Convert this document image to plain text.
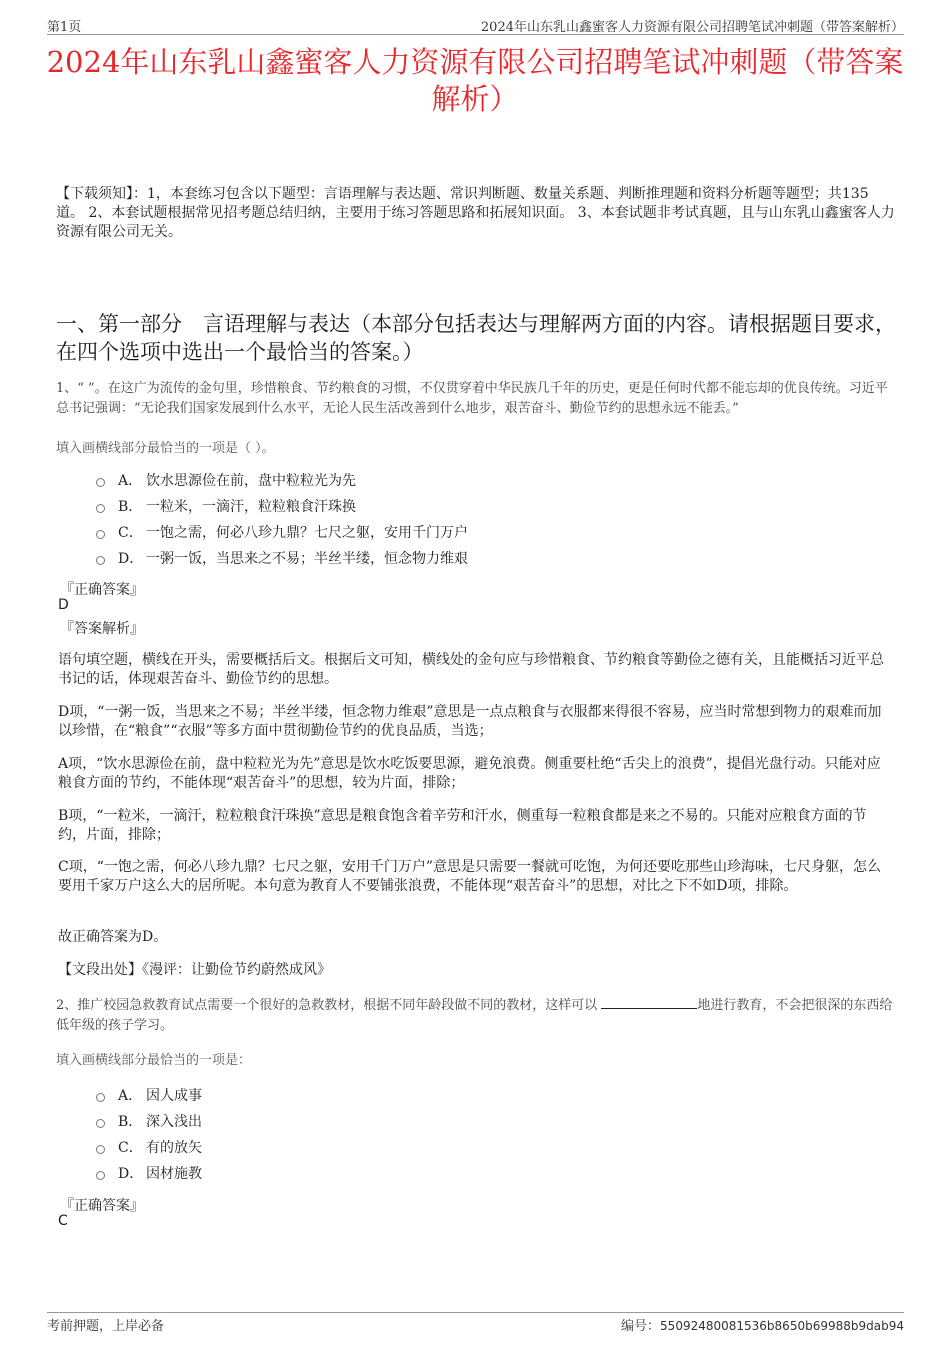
第1页	2024年山东乳山鑫蜜客人力资源有限公司招聘笔试冲刺题（带答案解析）
2024年山东乳山鑫蜜客人力资源有限公司招聘笔试冲刺题（带答案解析）

【下载须知】：1，本套练习包含以下题型：言语理解与表达题、常识判断题、数量关系题、判断推理题和资料分析题等题型；共135道。 2、本套试题根据常见招考题总结归纳，主要用于练习答题思路和拓展知识面。 3、本套试题非考试真题，且与山东乳山鑫蜜客人力资源有限公司无关。

一、第一部分　言语理解与表达（本部分包括表达与理解两方面的内容。请根据题目要求，在四个选项中选出一个最恰当的答案。）

1、“ ”。在这广为流传的金句里，珍惜粮食、节约粮食的习惯，不仅贯穿着中华民族几千年的历史，更是任何时代都不能忘却的优良传统。习近平总书记强调：“无论我们国家发展到什么水平，无论人民生活改善到什么地步，艰苦奋斗、勤俭节约的思想永远不能丢。”

填入画横线部分最恰当的一项是（ ）。

A． 饮水思源俭在前，盘中粒粒光为先
B． 一粒米，一滴汗，粒粒粮食汗珠换
C． 一饱之需，何必八珍九鼎？七尺之躯，安用千门万户
D． 一粥一饭，当思来之不易；半丝半缕，恒念物力维艰

『正确答案』

D

『答案解析』

语句填空题，横线在开头，需要概括后文。根据后文可知，横线处的金句应与珍惜粮食、节约粮食等勤俭之德有关，且能概括习近平总书记的话，体现艰苦奋斗、勤俭节约的思想。

D项，“一粥一饭，当思来之不易；半丝半缕，恒念物力维艰”意思是一点点粮食与衣服都来得很不容易，应当时常想到物力的艰难而加以珍惜，在“粮食”“衣服”等多方面中贯彻勤俭节约的优良品质，当选；

A项，“饮水思源俭在前，盘中粒粒光为先”意思是饮水吃饭要思源，避免浪费。侧重要杜绝“舌尖上的浪费”，提倡光盘行动。只能对应粮食方面的节约，不能体现“艰苦奋斗”的思想，较为片面，排除；

B项，“一粒米，一滴汗，粒粒粮食汗珠换”意思是粮食饱含着辛劳和汗水，侧重每一粒粮食都是来之不易的。只能对应粮食方面的节约，片面，排除；

C项，“一饱之需，何必八珍九鼎？七尺之躯，安用千门万户”意思是只需要一餐就可吃饱，为何还要吃那些山珍海味，七尺身躯，怎么要用千家万户这么大的居所呢。本句意为教育人不要铺张浪费，不能体现“艰苦奋斗”的思想，对比之下不如D项，排除。

故正确答案为D。

【文段出处】《漫评：让勤俭节约蔚然成风》

2、推广校园急救教育试点需要一个很好的急救教材，根据不同年龄段做不同的教材，这样可以	地进行教育，不会把很深的东西给低年级的孩子学习。

填入画横线部分最恰当的一项是：

A． 因人成事
B． 深入浅出
C． 有的放矢
D． 因材施教

『正确答案』

C

考前押题，上岸必备	编号：55092480081536b8650b69988b9dab94
